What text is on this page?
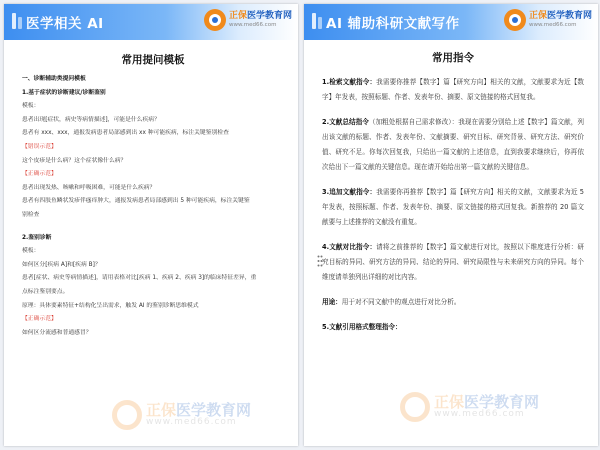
医学相关 AI
正保医学教育网
www.med66.com
常用提问模板
一、诊断辅助类提问模板
1.基于症状的诊断建议/诊断鉴别
模板：
患者出现[症状，病史等病情描述]，可能是什么疾病？
患者有 xxx、xxx，通报发病患者局部感到出 xx 种可能疾病，标注关键鉴别检查
【错误示范】
这个皮疹是什么病？这个症状像什么病？
【正确示范】
患者出现发热、咳嗽和呼吸困难，可能是什么疾病？
患者有四肢鱼鳞状发疹伴瘙痒肿大，通报发病患者局部感到出 5 种可能疾病，标注关键鉴
别检查
2.鉴别诊断
模板：
如何区分[疾病 A]和[疾病 B]？
患者[症状、病史等病情描述]，请用表格对比[疾病 1、疾病 2、疾病 3]的临床特征差异，重
点标注鉴别要点。
原理：具体要素特征+结构化呈出需求，触发 AI 的鉴别诊断思维模式
【正确示范】
如何区分流感和普通感冒？
AI 辅助科研文献写作
正保医学教育网
www.med66.com
常用指令
1.检索文献指令：我需要你推荐【数字】篇【研究方向】相关的文献，文献要求为近【数字】年发表，按照标题、作者、发表年份、摘要、原文链接的格式回复我。
2.文献总结指令（加粗处根据自己需求修改）：我现在需要分别给上述【数字】篇文献，列出该文献的标题、作者、发表年份、文献摘要、研究目标、研究背景、研究方法、研究价值、研究不足。你每次回复我，只给出一篇文献的上述信息，直到我要求继续后，你再依次给出下一篇文献的关键信息。现在请开始给出第一篇文献的关键信息。
3.追加文献指令：我需要你再推荐【数字】篇【研究方向】相关的文献，文献要求为近 5 年发表，按照标题、作者、发表年份、摘要、原文链接的格式回复我。新推荐的 20 篇文献要与上述推荐的文献没有重复。
4.文献对比指令：请将之前推荐的【数字】篇文献进行对比，按照以下维度进行分析：研究目标的异同、研究方法的异同、结论的异同、研究局限性与未来研究方向的异同。每个维度请单独列出详细的对比内容。
用途：用于对不同文献中的观点进行对比分析。
5.文献引用格式整理指令：
正保医学教育网
www.med66.com
正保医学教育网
www.med66.com
